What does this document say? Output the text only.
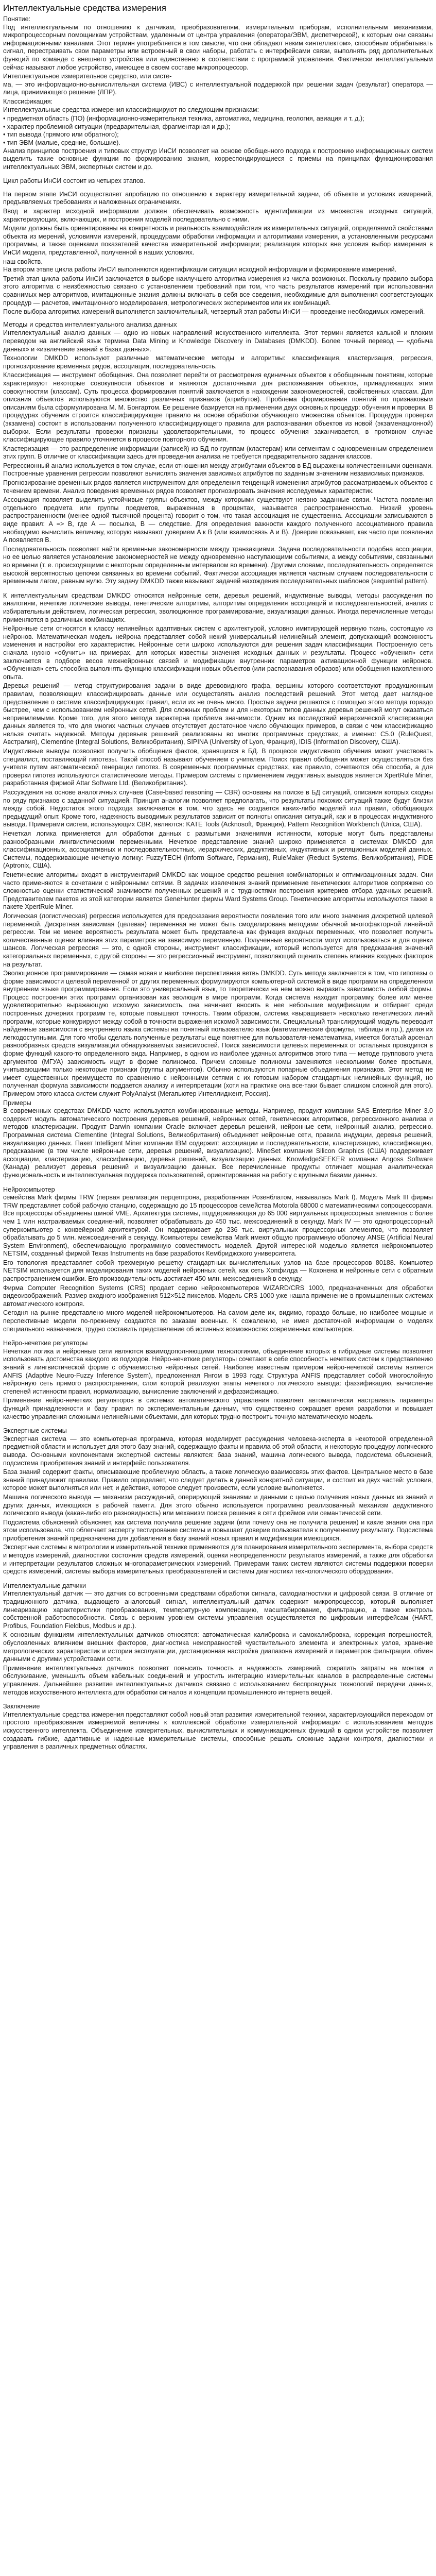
Интеллектуальные средства измерения

Понятие:

Под интеллектуальным по отношению к датчикам, преобразователям, измерительным приборам, исполнительным механизмам, микропроцессорным помощникам устройствам, удаленным от центра управления (оператора/ЭВМ, диспетчерской), к которым они связаны информационными каналами. Этот термин употребляется в том смысле, что они обладают неким «интеллектом», способным обрабатывать сигнал, перестраивать свои параметры или встроенный в свои наборы, работать с интерфейсами связи, выполнять ряд дополнительных функций по команде с внешнего устройства или единственно в соответствии с программой управления. Фактически интеллектуальным сейчас называют любое устройство, имеющее в своем составе микропроцессор.

Интеллектуальное измерительное средство, или систе-

ма, — это информационно-вычислительная система (ИВС) с интеллектуальной поддержкой при решении задач (результат) оператора — лица, принимающего решение (ЛПР).

Классификация:

Интеллектуальные средства измерения классифицируют по следующим признакам:

• предметная область (ПО) (информационно-измерительная техника, автоматика, медицина, геология, авиация и т. д.);

• характер проблемной ситуации (предварительная, фрагментарная и др.);

• тип вывода (прямого или обратного);

• тип ЭВМ (малые, средние, большие).

Анализ принципов построения и типовых структур ИнСИ позволяет на основе обобщенного подхода к построению информационных систем выделить такие основные функции по формированию знания, корреспондирующиеся с приемы на принципах функционирования интеллектуальных ЭВМ, экспертных систем и др.

Цикл работы ИнСИ состоит из четырех этапов.

На первом этапе ИнСИ осуществляет апробацию по отношению к характеру измерительной задачи, об объекте и условиях измерений, предъявляемых требованиях и наложенных ограничениях.

Ввод и характер исходной информации должен обеспечивать возможность идентификации из множества исходных ситуаций, характеризующих, включающих, и построения моделей последовательно с ними.

Модели должны быть ориентированы на конкретность и реальность взаимодействия из измерительных ситуаций, определяемой свойствами объекта из мерений, условиями измерений, процедурами обработки информации и алгоритмами измерения, а установленными ресурсами программы, а также оценками показателей качества измерительной информации; реализация которых вне условия выбор измерения в ИнСИ модели, представленной, полученной в наших условиях.

наш свойств.

На втором этапе цикла работы ИнСИ выполняются идентификации ситуации исходной информации и формирование измерений.

Третий этап цикла работы ИнСИ заключается в выборе наилучшего алгоритма измерения из числа возможных. Поскольку правило выбора этого алгоритма с неизбежностью связано с установлением требований при том, что часть результатов измерений при использовании сравнимых мер алгоритмов, имитационные знания должны включать в себя все сведения, необходимые для выполнения соответствующих процедур — расчетов, имитационного моделирования, метрологических экспериментов или их комбинаций.

После выбора алгоритма измерений выполняется заключительный, четвертый этап работы ИнСИ — проведение необходимых измерений.

Методы и средства интеллектуального анализа данных

Интеллектуальный анализ данных — одно из новых направлений искусственного интеллекта. Этот термин является калькой и плохим переводом на английский язык термина Data Mining и Knowledge Discovery in Databases (DMKDD). Более точный перевод — «добыча данных» и «извлечение знаний в базах данных».

Технологии DMKDD используют различные математические методы и алгоритмы: классификация, кластеризация, регрессия, прогнозирование временных рядов, ассоциация, последовательность.

Классификация — инструмент обобщения. Она позволяет перейти от рассмотрения единичных объектов к обобщенным понятиям, которые характеризуют некоторые совокупности объектов и являются достаточными для распознавания объектов, принадлежащих этим совокупностям (классам). Суть процесса формирования понятий заключается в нахождении закономерностей, свойственных классам. Для описания объектов используются множество различных признаков (атрибутов). Проблема формирования понятий по признаковым описаниям была сформулирована М. М. Бонгартом. Ее решение базируется на применении двух основных процедур: обучения и проверки. В процедурах обучения строится классифицирующее правило на основе обработки обучающего множества объектов. Процедура проверки (экзамена) состоит в использовании полученного классифицирующего правила для распознавания объектов из новой (экзаменационной) выборки. Если результаты проверки признаны удовлетворительными, то процесс обучения заканчивается, в противном случае классифицирующее правило уточняется в процессе повторного обучения.

Кластеризация — это распределение информации (записей) из БД по группам (кластерам) или сегментам с одновременным определением этих групп. В отличие от классификации здесь для проведения анализа не требуется предварительного задания классов.

Регрессионный анализ используется в том случае, если отношения между атрибутами объектов в БД выражены количественными оценками. Построенные уравнения регрессии позволяют вычислять значения зависимых атрибутов по заданным значениям независимых признаков.

Прогнозирование временных рядов является инструментом для определения тенденций изменения атрибутов рассматриваемых объектов с течением времени. Анализ поведения временных рядов позволяет прогнозировать значения исследуемых характеристик.

Ассоциация позволяет выделить устойчивые группы объектов, между которыми существуют неявно заданные связи. Частота появления отдельного предмета или группы предметов, выраженная в процентах, называется распространенностью. Низкий уровень распространенности (менее одной тысячной процента) говорит о том, что такая ассоциация не существенна. Ассоциации записываются в виде правил: A => B, где A — посылка, B — следствие. Для определения важности каждого полученного ассоциативного правила необходимо вычислить величину, которую называют доверием A к B (или взаимосвязь A и B). Доверие показывает, как часто при появлении A появляется B.

Последовательность позволяет найти временные закономерности между транзакциями. Задача последовательности подобна ассоциации, но ее целью является установление закономерностей не между одновременно наступающими событиями, а между событиями, связанными во времени (т. е. происходящими с некоторым определенным интервалом во времени). Другими словами, последовательность определяется высокой вероятностью цепочки связанных во времени событий. Фактически ассоциация является частным случаем последовательности с временным лагом, равным нулю. Эту задачу DMKDD также называют задачей нахождения последовательных шаблонов (sequential pattern).

К интеллектуальным средствам DMKDD относятся нейронные сети, деревья решений, индуктивные выводы, методы рассуждения по аналогиям, нечеткие логические выводы, генетические алгоритмы, алгоритмы определения ассоциаций и последовательностей, анализ с избирательным действием, логическая регрессия, эволюционное программирование, визуализация данных. Иногда перечисленные методы применяются в различных комбинациях.

Нейронные сети относятся к классу нелинейных адаптивных систем с архитектурой, условно имитирующей нервную ткань, состоящую из нейронов. Математическая модель нейрона представляет собой некий универсальный нелинейный элемент, допускающий возможность изменения и настройки его характеристик. Нейронные сети широко используются для решения задач классификации. Построенную сеть сначала нужно «обучить» на примерах, для которых известны значения исходных данных и результаты. Процесс «обучения» сети заключается в подборе весов межнейронных связей и модификации внутренних параметров активационной функции нейронов. «Обученная» сеть способна выполнять функцию классификации новых объектов (или распознавания образов) или обобщения накопленного опыта.

Деревья решений — метод структурирования задачи в виде древовидного графа, вершины которого соответствуют продукционным правилам, позволяющим классифицировать данные или осуществлять анализ последствий решений. Этот метод дает наглядное представление о системе классифицирующих правил, если их не очень много. Простые задачи решаются с помощью этого метода гораздо быстрее, чем с использованием нейронных сетей. Для сложных проблем и для некоторых типов данных деревья решений могут оказаться неприемлемыми. Кроме того, для этого метода характерна проблема значимости. Одним из последствий иерархической кластеризации данных является то, что для многих частных случаев отсутствует достаточное число обучающих примеров, в связи с чем классификацию нельзя считать надежной. Методы деревьев решений реализованы во многих программных средствах, а именно: C5.0 (RuleQuest, Австралия), Clementine (Integral Solutions, Великобритания), SIPINA (University of Lyon, Франция), IDIS (Information Discovery, США).

Индуктивные выводы позволяют получить обобщения фактов, хранящихся в БД. В процессе индуктивного обучения может участвовать специалист, поставляющий гипотезы. Такой способ называют обучением с учителем. Поиск правил обобщения может осуществляться без учителя путем автоматической генерации гипотез. В современных программных средствах, как правило, сочетаются оба способа, а для проверки гипотез используются статистические методы. Примером системы с применением индуктивных выводов является XpertRule Miner, разработанная фирмой Attar Software Ltd. (Великобритания).

Рассуждения на основе аналогичных случаев (Case-based reasoning — CBR) основаны на поиске в БД ситуаций, описания которых сходны по ряду признаков с заданной ситуацией. Принцип аналогии позволяет предполагать, что результаты похожих ситуаций также будут близки между собой. Недостаток этого подхода заключается в том, что здесь не создается каких-либо моделей или правил, обобщающих предыдущий опыт. Кроме того, надежность выводимых результатов зависит от полноты описания ситуаций, как и в процессах индуктивного вывода. Примерами систем, использующих CBR, являются: KATE Tools (Acknosoft, Франция), Pattern Recognition Workbench (Unica, США).

Нечеткая логика применяется для обработки данных с размытыми значениями истинности, которые могут быть представлены разнообразными лингвистическими переменными. Нечеткое представление знаний широко применяется в системах DMKDD для классификационных, ассоциативных и последовательностных, иерархических, дедуктивных, индуктивных и реляционных моделей данных. Системы, поддерживающие нечеткую логику: FuzzyTECH (Inform Software, Германия), RuleMaker (Reduct Systems, Великобритания), FIDE (Aptronix, США).

Генетические алгоритмы входят в инструментарий DMKDD как мощное средство решения комбинаторных и оптимизационных задач. Они часто применяются в сочетании с нейронными сетями. В задачах извлечения знаний применение генетических алгоритмов сопряжено со сложностью оценки статистической значимости полученных решений и с трудностями построения критериев отбора удачных решений. Представителем пакетов из этой категории является GeneHunter фирмы Ward Systems Group. Генетические алгоритмы используются также в пакете XpertRule Miner.

Логическая (логистическая) регрессия используется для предсказания вероятности появления того или иного значения дискретной целевой переменной. Дискретная зависимая (целевая) переменная не может быть смоделирована методами обычной многофакторной линейной регрессии. Тем не менее вероятность результата может быть представлена как функция входных переменных, что позволяет получить количественные оценки влияния этих параметров на зависимую переменную. Полученные вероятности могут использоваться и для оценки шансов. Логическая регрессия — это, с одной стороны, инструмент классификации, который используется для предсказания значений категориальных переменных, с другой стороны — это регрессионный инструмент, позволяющий оценить степень влияния входных факторов на результат.

Эволюционное программирование — самая новая и наиболее перспективная ветвь DMKDD. Суть метода заключается в том, что гипотезы о форме зависимости целевой переменной от других переменных формулируются компьютерной системой в виде программ на определенном внутреннем языке программирования. Если это универсальный язык, то теоретически на нем можно выразить зависимость любой формы. Процесс построения этих программ организован как эволюция в мире программ. Когда система находит программу, более или менее удовлетворительно выражающую искомую зависимость, она начинает вносить в нее небольшие модификации и отбирает среди построенных дочерних программ те, которые повышают точность. Таким образом, система «выращивает» несколько генетических линий программ, которые конкурируют между собой в точности выражения искомой зависимости. Специальный транслирующий модуль переводит найденные зависимости с внутреннего языка системы на понятный пользователю язык (математические формулы, таблицы и пр.), делая их легкодоступными. Для того чтобы сделать полученные результаты еще понятнее для пользователя-нематематика, имеется богатый арсенал разнообразных средств визуализации обнаруживаемых зависимостей. Поиск зависимости целевых переменных от остальных проводится в форме функций какого-то определенного вида. Например, в одном из наиболее удачных алгоритмов этого типа — методе группового учета аргументов (МГУА) зависимость ищут в форме полиномов. Причем сложные полиномы заменяются несколькими более простыми, учитывающими только некоторые признаки (группы аргументов). Обычно используются попарные объединения признаков. Этот метод не имеет существенных преимуществ по сравнению с нейронными сетями с их готовым набором стандартных нелинейных функций, но полученная формула зависимости поддается анализу и интерпретации (хотя на практике она все-таки бывает слишком сложной для этого). Примером этого класса систем служит PolyAnalyst (Мегапьютер Интеллиджент, Россия).

Примеры

В современных средствах DMKDD часто используются комбинированные методы. Например, продукт компании SAS Enterprise Miner 3.0 содержит модуль автоматического построения деревьев решений, нейронных сетей, генетических алгоритмов, регрессионного анализа и методов кластеризации. Продукт Darwin компании Oracle включает деревья решений, нейронные сети, нейронный анализ, регрессию. Программная система Clementine (Integral Solutions, Великобритания) объединяет нейронные сети, правила индукции, деревья решений, визуализацию данных. Пакет Intelligent Miner компании IBM содержит: ассоциации и последовательности, кластеризацию, классификацию, предсказание (в том числе нейронные сети, деревья решений, визуализацию). MineSet компании Silicon Graphics (США) поддерживает ассоциации, кластеризацию, классификацию, деревья решений, визуализацию данных. KnowledgeSEEKER компании Angoss Software (Канада) реализует деревья решений и визуализацию данных. Все перечисленные продукты отличает мощная аналитическая функциональность и интеллектуальная поддержка пользователей, ориентированная на работу с крупными базами данных.

Нейрокомпьютер

семейства Mark фирмы TRW (первая реализация перцептрона, разработанная Розенблатом, называлась Mark I). Модель Mark III фирмы TRW представляет собой рабочую станцию, содержащую до 15 процессоров семейства Motorola 68000 с математическими сопроцессорами. Все процессоры объединены шиной VME. Архитектура системы, поддерживающая до 65 000 виртуальных процессорных элементов с более чем 1 млн настраиваемых соединений, позволяет обрабатывать до 450 тыс. межсоединений в секунду. Mark IV — это однопроцессорный суперкомпьютер с конвейерной архитектурой. Он поддерживает до 236 тыс. виртуальных процессорных элементов, что позволяет обрабатывать до 5 млн. межсоединений в секунду. Компьютеры семейства Mark имеют общую программную оболочку ANSE (Artificial Neural System Environment), обеспечивающую программную совместимость моделей. Другой интересной моделью является нейрокомпьютер NETSIM, созданный фирмой Texas Instruments на базе разработок Кембриджского университета.

Его топология представляет собой трехмерную решетку стандартных вычислительных узлов на базе процессоров 80188. Компьютер NETSIM используется для моделирования таких моделей нейронных сетей, как сеть Хопфилда — Кохонена и нейронные сети с обратным распространением ошибки. Его производительность достигает 450 млн. межсоединений в секунду.

Фирма Computer Recognition Systems (CRS) продает серию нейрокомпьютеров WIZARD/CRS 1000, предназначенных для обработки видеоизображений. Размер входного изображения 512×512 пикселов. Модель CRS 1000 уже нашла применение в промышленных системах автоматического контроля.

Сегодня на рынке представлено много моделей нейрокомпьютеров. На самом деле их, видимо, гораздо больше, но наиболее мощные и перспективные модели по-прежнему создаются по заказам военных. К сожалению, не имея достаточной информации о моделях специального назначения, трудно составить представление об истинных возможностях современных компьютеров.

Нейро-нечеткие регуляторы

Нечеткая логика и нейронные сети являются взаимодополняющими технологиями, объединение которых в гибридные системы позволяет использовать достоинства каждого из подходов. Нейро-нечеткие регуляторы сочетают в себе способность нечетких систем к представлению знаний в лингвистической форме с обучаемостью нейронных сетей. Наиболее известным примером нейро-нечеткой системы является ANFIS (Adaptive Neuro-Fuzzy Inference System), предложенная Янгом в 1993 году. Структура ANFIS представляет собой многослойную нейронную сеть прямого распространения, слои которой реализуют этапы нечеткого логического вывода: фаззификацию, вычисление степеней истинности правил, нормализацию, вычисление заключений и дефаззификацию.

Применение нейро-нечетких регуляторов в системах автоматического управления позволяет автоматически настраивать параметры функций принадлежности и базу правил по экспериментальным данным, что существенно сокращает время разработки и повышает качество управления сложными нелинейными объектами, для которых трудно построить точную математическую модель.

Экспертные системы

Экспертная система — это компьютерная программа, которая моделирует рассуждения человека-эксперта в некоторой определенной предметной области и использует для этого базу знаний, содержащую факты и правила об этой области, и некоторую процедуру логического вывода. Основными компонентами экспертной системы являются: база знаний, машина логического вывода, подсистема объяснений, подсистема приобретения знаний и интерфейс пользователя.

База знаний содержит факты, описывающие проблемную область, а также логическую взаимосвязь этих фактов. Центральное место в базе знаний принадлежит правилам. Правило определяет, что следует делать в данной конкретной ситуации, и состоит из двух частей: условия, которое может выполняться или нет, и действия, которое следует произвести, если условие выполняется.

Машина логического вывода — механизм рассуждений, оперирующий знаниями и данными с целью получения новых данных из знаний и других данных, имеющихся в рабочей памяти. Для этого обычно используется программно реализованный механизм дедуктивного логического вывода (какая-либо его разновидность) или механизм поиска решения в сети фреймов или семантической сети.

Подсистема объяснений объясняет, как система получила решение задачи (или почему она не получила решения) и какие знания она при этом использовала, что облегчает эксперту тестирование системы и повышает доверие пользователя к полученному результату. Подсистема приобретения знаний предназначена для добавления в базу знаний новых правил и модификации имеющихся.

Экспертные системы в метрологии и измерительной технике применяются для планирования измерительного эксперимента, выбора средств и методов измерений, диагностики состояния средств измерений, оценки неопределенности результатов измерений, а также для обработки и интерпретации результатов сложных многопараметрических измерений. Примерами таких систем являются системы поддержки поверки средств измерений, системы выбора измерительных преобразователей и системы диагностики технологического оборудования.

Интеллектуальные датчики

Интеллектуальный датчик — это датчик со встроенными средствами обработки сигнала, самодиагностики и цифровой связи. В отличие от традиционного датчика, выдающего аналоговый сигнал, интеллектуальный датчик содержит микропроцессор, который выполняет линеаризацию характеристики преобразования, температурную компенсацию, масштабирование, фильтрацию, а также контроль собственной работоспособности. Связь с верхним уровнем системы управления осуществляется по цифровым интерфейсам (HART, Profibus, Foundation Fieldbus, Modbus и др.).

К основным функциям интеллектуальных датчиков относятся: автоматическая калибровка и самокалибровка, коррекция погрешностей, обусловленных влиянием внешних факторов, диагностика неисправностей чувствительного элемента и электронных узлов, хранение метрологических характеристик и истории эксплуатации, дистанционная настройка диапазона измерений и параметров фильтрации, обмен данными с другими устройствами сети.

Применение интеллектуальных датчиков позволяет повысить точность и надежность измерений, сократить затраты на монтаж и обслуживание, уменьшить объем кабельных соединений и упростить интеграцию измерительных каналов в распределенные системы управления. Дальнейшее развитие интеллектуальных датчиков связано с использованием беспроводных технологий передачи данных, методов искусственного интеллекта для обработки сигналов и концепции промышленного интернета вещей.

Заключение

Интеллектуальные средства измерения представляют собой новый этап развития измерительной техники, характеризующийся переходом от простого преобразования измеряемой величины к комплексной обработке измерительной информации с использованием методов искусственного интеллекта. Объединение измерительных, вычислительных и коммуникационных функций в одном устройстве позволяет создавать гибкие, адаптивные и надежные измерительные системы, способные решать сложные задачи контроля, диагностики и управления в различных предметных областях.
